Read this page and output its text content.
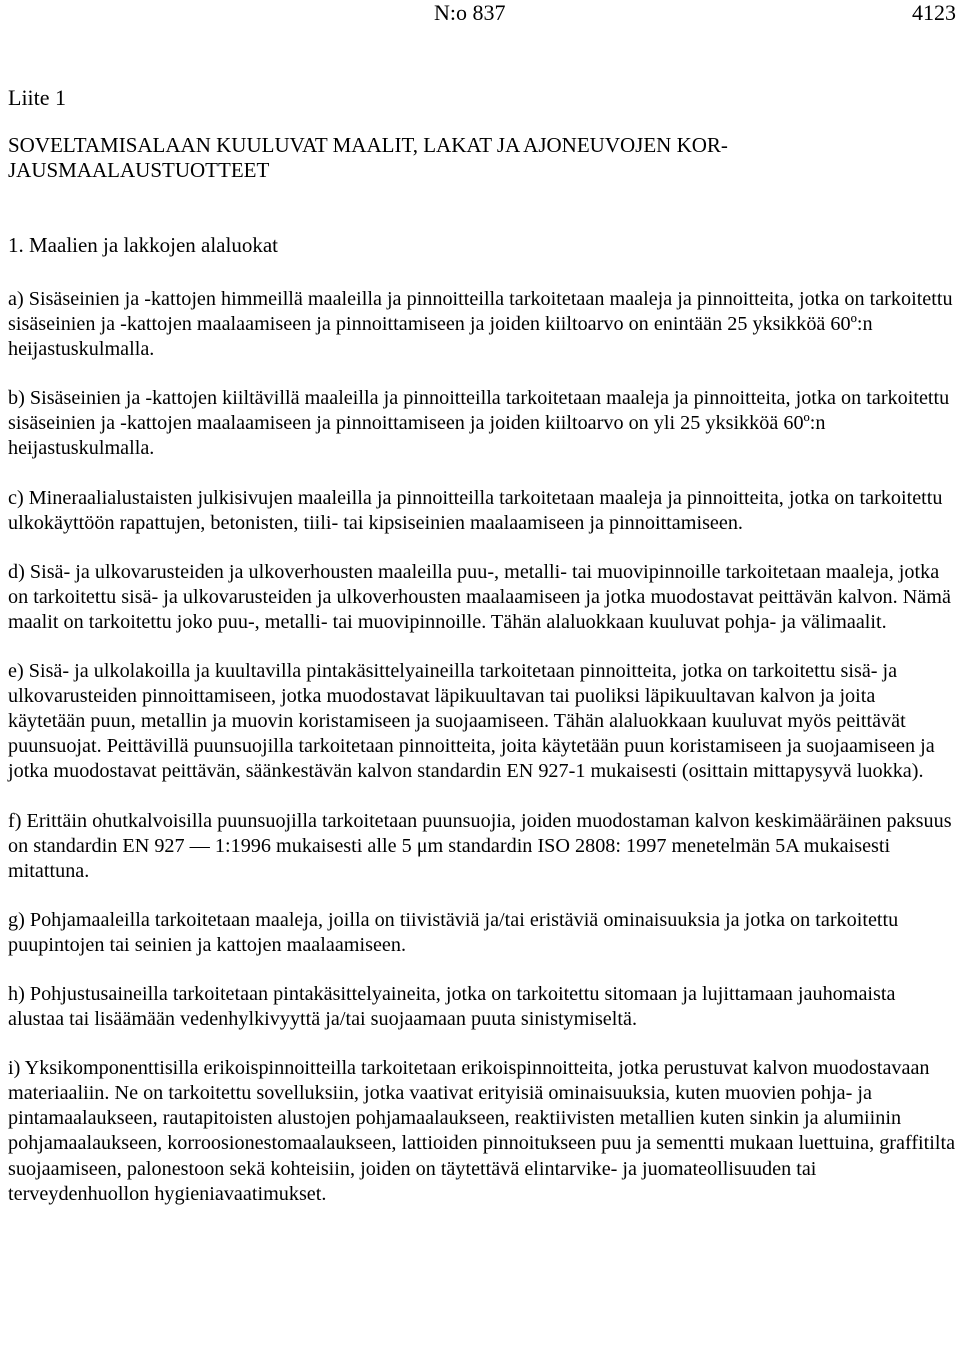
N:o 837	4123
Liite 1
SOVELTAMISALAAN KUULUVAT MAALIT, LAKAT JA AJONEUVOJEN KOR-JAUSMAALAUSTUOTTEET
1. Maalien ja lakkojen alaluokat

a) Sisäseinien ja -kattojen himmeillä maaleilla ja pinnoitteilla tarkoitetaan maaleja ja pinnoitteita, jotka on tarkoitettu sisäseinien ja -kattojen maalaamiseen ja pinnoittamiseen ja joiden kiiltoarvo on enintään 25 yksikköä 60º:n heijastuskulmalla.

b) Sisäseinien ja -kattojen kiiltävillä maaleilla ja pinnoitteilla tarkoitetaan maaleja ja pinnoitteita, jotka on tarkoitettu sisäseinien ja -kattojen maalaamiseen ja pinnoittamiseen ja joiden kiiltoarvo on yli 25 yksikköä 60º:n heijastuskulmalla.

c) Mineraalialustaisten julkisivujen maaleilla ja pinnoitteilla tarkoitetaan maaleja ja pinnoitteita, jotka on tarkoitettu ulkokäyttöön rapattujen, betonisten, tiili- tai kipsiseinien maalaamiseen ja pinnoittamiseen.

d) Sisä- ja ulkovarusteiden ja ulkoverhousten maaleilla puu-, metalli- tai muovipinnoille tarkoitetaan maaleja, jotka on tarkoitettu sisä- ja ulkovarusteiden ja ulkoverhousten maalaamiseen ja jotka muodostavat peittävän kalvon. Nämä maalit on tarkoitettu joko puu-, metalli- tai muovipinnoille. Tähän alaluokkaan kuuluvat pohja- ja välimaalit.

e) Sisä- ja ulkolakoilla ja kuultavilla pintakäsittelyaineilla tarkoitetaan pinnoitteita, jotka on tarkoitettu sisä- ja ulkovarusteiden pinnoittamiseen, jotka muodostavat läpikuultavan tai puoliksi läpikuultavan kalvon ja joita käytetään puun, metallin ja muovin koristamiseen ja suojaamiseen. Tähän alaluokkaan kuuluvat myös peittävät puunsuojat. Peittävillä puunsuojilla tarkoitetaan pinnoitteita, joita käytetään puun koristamiseen ja suojaamiseen ja jotka muodostavat peittävän, säänkestävän kalvon standardin EN 927-1 mukaisesti (osittain mittapysyvä luokka).

f) Erittäin ohutkalvoisilla puunsuojilla tarkoitetaan puunsuojia, joiden muodostaman kalvon keskimääräinen paksuus on standardin EN 927 — 1:1996 mukaisesti alle 5 μm standardin ISO 2808: 1997 menetelmän 5A mukaisesti mitattuna.

g) Pohjamaaleilla tarkoitetaan maaleja, joilla on tiivistäviä ja/tai eristäviä ominaisuuksia ja jotka on tarkoitettu puupintojen tai seinien ja kattojen maalaamiseen.

h) Pohjustusaineilla tarkoitetaan pintakäsittelyaineita, jotka on tarkoitettu sitomaan ja lujittamaan jauhomaista alustaa tai lisäämään vedenhylkivyyttä ja/tai suojaamaan puuta sinistymiseltä.

i) Yksikomponenttisilla erikoispinnoitteilla tarkoitetaan erikoispinnoitteita, jotka perustuvat kalvon muodostavaan materiaaliin. Ne on tarkoitettu sovelluksiin, jotka vaativat erityisiä ominaisuuksia, kuten muovien pohja- ja pintamaalaukseen, rautapitoisten alustojen pohjamaalaukseen, reaktiivisten metallien kuten sinkin ja alumiinin pohjamaalaukseen, korroosionestomaalaukseen, lattioiden pinnoitukseen puu ja sementti mukaan luettuina, graffitilta suojaamiseen, palonestoon sekä kohteisiin, joiden on täytettävä elintarvike- ja juomateollisuuden tai terveydenhuollon hygieniavaatimukset.
